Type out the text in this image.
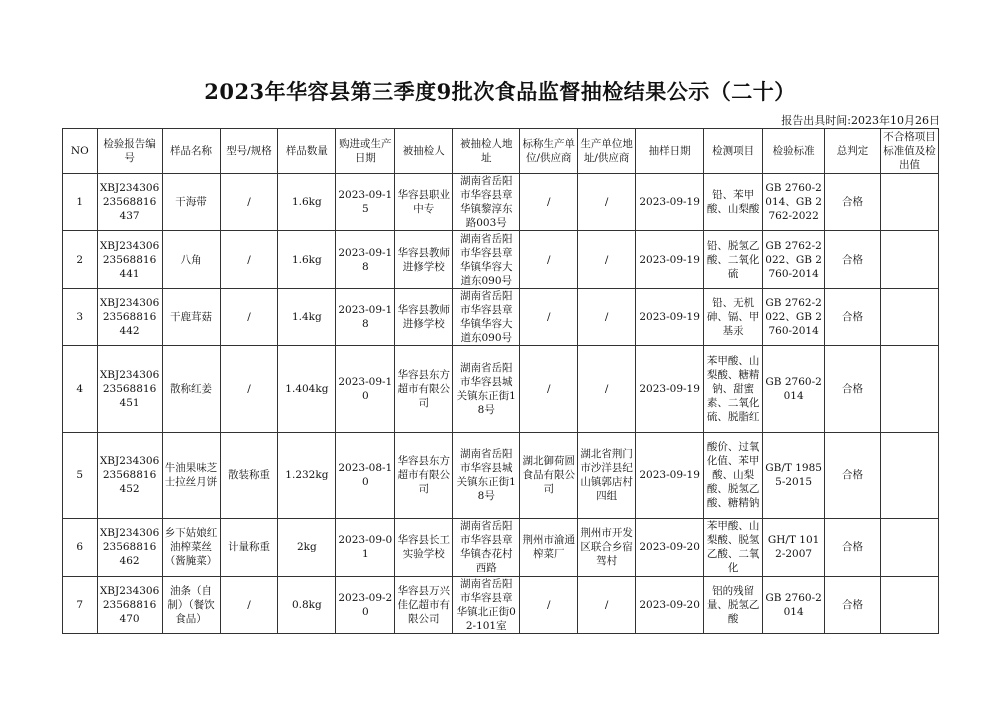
2023年华容县第三季度9批次食品监督抽检结果公示（二十）
报告出具时间:2023年10月26日
NO	检验报告编号	样品名称	型号/规格	样品数量	购进或生产日期	被抽检人	被抽检人地址	标称生产单位/供应商	生产单位地址/供应商	抽样日期	检测项目	检验标准	总判定	不合格项目标准值及检出值
1	XBJ23430623568816437	干海带	/	1.6kg	2023-09-15	华容县职业中专	湖南省岳阳市华容县章华镇黎淳东路003号	/	/	2023-09-19	铅、苯甲酸、山梨酸	GB 2760-2014、GB 2762-2022	合格	
2	XBJ23430623568816441	八角	/	1.6kg	2023-09-18	华容县教师进修学校	湖南省岳阳市华容县章华镇华容大道东090号	/	/	2023-09-19	铅、脱氢乙酸、二氧化硫	GB 2762-2022、GB 2760-2014	合格	
3	XBJ23430623568816442	干鹿茸菇	/	1.4kg	2023-09-18	华容县教师进修学校	湖南省岳阳市华容县章华镇华容大道东090号	/	/	2023-09-19	铅、无机砷、镉、甲基汞	GB 2762-2022、GB 2760-2014	合格	
4	XBJ23430623568816451	散称红姜	/	1.404kg	2023-09-10	华容县东方超市有限公司	湖南省岳阳市华容县城关镇东正街18号	/	/	2023-09-19	苯甲酸、山梨酸、糖精钠、甜蜜素、二氧化硫、脱脂红	GB 2760-2014	合格	
5	XBJ23430623568816452	牛油果味芝士拉丝月饼	散装称重	1.232kg	2023-08-10	华容县东方超市有限公司	湖南省岳阳市华容县城关镇东正街18号	湖北御荷圆食品有限公司	湖北省荆门市沙洋县纪山镇郭店村四组	2023-09-19	酸价、过氧化值、苯甲酸、山梨酸、脱氢乙酸、糖精钠	GB/T 19855-2015	合格	
6	XBJ23430623568816462	乡下姑娘红油榨菜丝（酱腌菜）	计量称重	2kg	2023-09-01	华容县长工实验学校	湖南省岳阳市华容县章华镇杏花村西路	荆州市渝通榨菜厂	荆州市开发区联合乡宿驾村	2023-09-20	苯甲酸、山梨酸、脱氢乙酸、二氧化	GH/T 1012-2007	合格	
7	XBJ23430623568816470	油条（自制）（餐饮食品）	/	0.8kg	2023-09-20	华容县万兴佳亿超市有限公司	湖南省岳阳市华容县章华镇北正街02-101室	/	/	2023-09-20	铝的残留量、脱氢乙酸	GB 2760-2014	合格	
